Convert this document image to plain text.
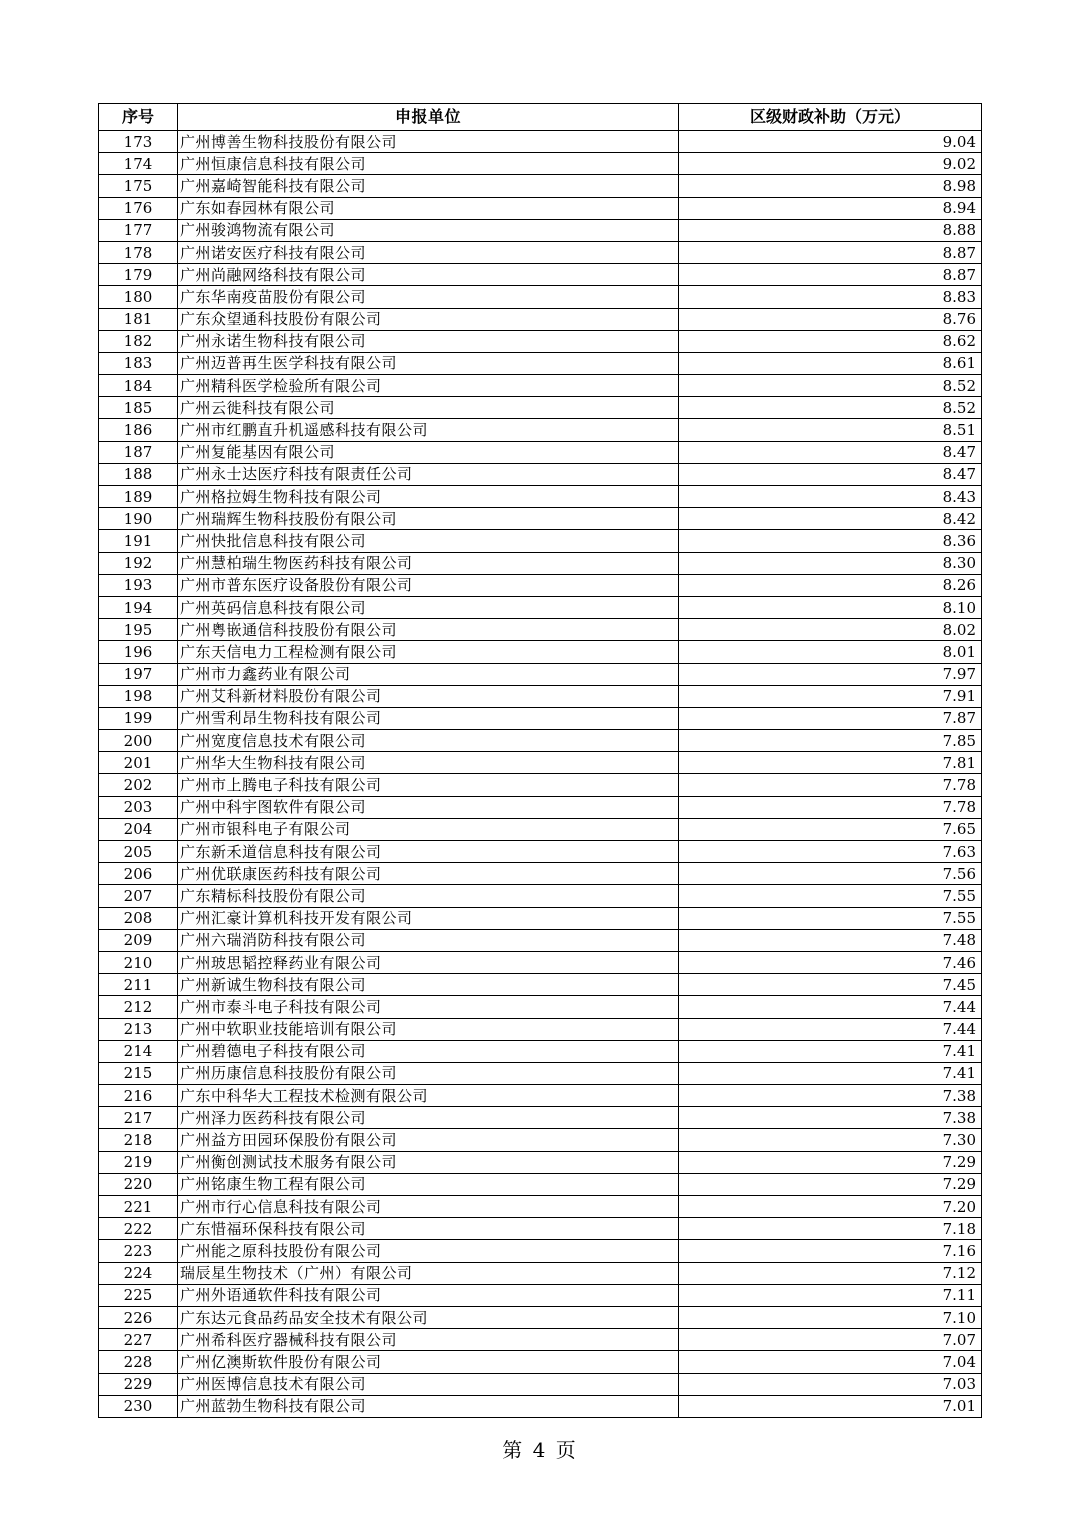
序号	申报单位	区级财政补助（万元）
173	广州博善生物科技股份有限公司	9.04
174	广州恒康信息科技有限公司	9.02
175	广州嘉崎智能科技有限公司	8.98
176	广东如春园林有限公司	8.94
177	广州骏鸿物流有限公司	8.88
178	广州诺安医疗科技有限公司	8.87
179	广州尚融网络科技有限公司	8.87
180	广东华南疫苗股份有限公司	8.83
181	广东众望通科技股份有限公司	8.76
182	广州永诺生物科技有限公司	8.62
183	广州迈普再生医学科技有限公司	8.61
184	广州精科医学检验所有限公司	8.52
185	广州云徙科技有限公司	8.52
186	广州市红鹏直升机遥感科技有限公司	8.51
187	广州复能基因有限公司	8.47
188	广州永士达医疗科技有限责任公司	8.47
189	广州格拉姆生物科技有限公司	8.43
190	广州瑞辉生物科技股份有限公司	8.42
191	广州快批信息科技有限公司	8.36
192	广州慧柏瑞生物医药科技有限公司	8.30
193	广州市普东医疗设备股份有限公司	8.26
194	广州英码信息科技有限公司	8.10
195	广州粤嵌通信科技股份有限公司	8.02
196	广东天信电力工程检测有限公司	8.01
197	广州市力鑫药业有限公司	7.97
198	广州艾科新材料股份有限公司	7.91
199	广州雪利昂生物科技有限公司	7.87
200	广州宽度信息技术有限公司	7.85
201	广州华大生物科技有限公司	7.81
202	广州市上腾电子科技有限公司	7.78
203	广州中科宇图软件有限公司	7.78
204	广州市银科电子有限公司	7.65
205	广东新禾道信息科技有限公司	7.63
206	广州优联康医药科技有限公司	7.56
207	广东精标科技股份有限公司	7.55
208	广州汇豪计算机科技开发有限公司	7.55
209	广州六瑞消防科技有限公司	7.48
210	广州玻思韬控释药业有限公司	7.46
211	广州新诚生物科技有限公司	7.45
212	广州市泰斗电子科技有限公司	7.44
213	广州中软职业技能培训有限公司	7.44
214	广州碧德电子科技有限公司	7.41
215	广州历康信息科技股份有限公司	7.41
216	广东中科华大工程技术检测有限公司	7.38
217	广州泽力医药科技有限公司	7.38
218	广州益方田园环保股份有限公司	7.30
219	广州衡创测试技术服务有限公司	7.29
220	广州铭康生物工程有限公司	7.29
221	广州市行心信息科技有限公司	7.20
222	广东惜福环保科技有限公司	7.18
223	广州能之原科技股份有限公司	7.16
224	瑞辰星生物技术（广州）有限公司	7.12
225	广州外语通软件科技有限公司	7.11
226	广东达元食品药品安全技术有限公司	7.10
227	广州希科医疗器械科技有限公司	7.07
228	广州亿澳斯软件股份有限公司	7.04
229	广州医博信息技术有限公司	7.03
230	广州蓝勃生物科技有限公司	7.01
第 4 页
